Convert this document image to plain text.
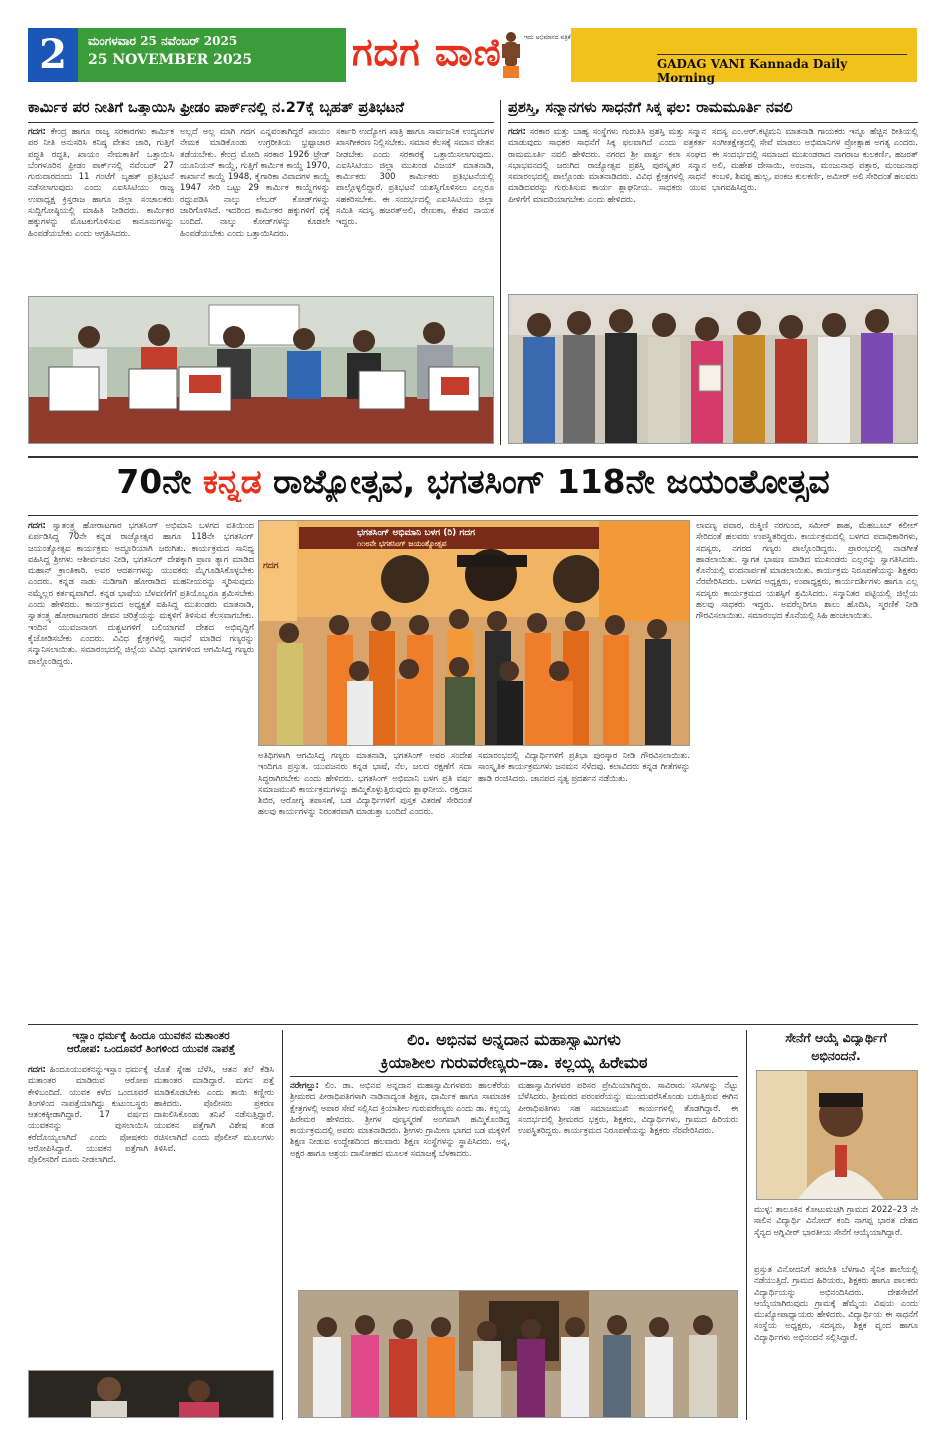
2	ಮಂಗಳವಾರ 25 ನವೆಂಬರ್ 2025
25 NOVEMBER 2025	ಗದಗ ವಾಣಿ	ಇದು ಅಭಿಮಾನದ ಪತ್ರಿಕೆ
GADAG VANI Kannada Daily Morning
ಕಾರ್ಮಿಕ ಪರ ನೀತಿಗೆ ಒತ್ತಾಯಿಸಿ ಫ್ರೀಡಂ ಪಾರ್ಕ್‌ನಲ್ಲಿ ನ.27ಕ್ಕೆ ಬೃಹತ್ ಪ್ರತಿಭಟನೆ
ಗದಗ: ಕೇಂದ್ರ ಹಾಗೂ ರಾಜ್ಯ ಸರಕಾರಗಳು ಕಾರ್ಮಿಕ ಪರ ನೀತಿ ಅನುಸರಿಸಿ ಕನಿಷ್ಠ ವೇತನ ಜಾರಿ, ಗುತ್ತಿಗೆ ಪದ್ಧತಿ ರದ್ದತಿ, ಖಾಯಂ ನೇಮಕಾತಿಗೆ ಒತ್ತಾಯಿಸಿ ಬೆಂಗಳೂರಿನ ಫ್ರೀಡಂ ಪಾರ್ಕ್‌ನಲ್ಲಿ ನವೆಂಬರ್ 27 ಗುರುವಾರದಂದು 11 ಗಂಟೆಗೆ ಬೃಹತ್ ಪ್ರತಿಭಟನೆ ನಡೆಸಲಾಗುವುದು ಎಂದು ಎಐಸಿಸಿಟಿಯು ರಾಜ್ಯ ಉಪಾಧ್ಯಕ್ಷ ಕ್ರಿಸ್ತರಾಜ ಹಾಗೂ ಜಿಲ್ಲಾ ಸಂಚಾಲಕರು ಸುದ್ದಿಗೋಷ್ಠಿಯಲ್ಲಿ ಮಾಹಿತಿ ನೀಡಿದರು. ಕಾರ್ಮಿಕರ ಹಕ್ಕುಗಳನ್ನು ಮೊಟಕುಗೊಳಿಸುವ ಕಾನೂನುಗಳನ್ನು ಹಿಂಪಡೆಯಬೇಕು ಎಂದು ಆಗ್ರಹಿಸಿದರು.
ಅಲ್ಲದೆ ಅಲ್ಲ ಮಾಗಿ ಗದಗ ಎನ್ನವಂತಾಗಿದ್ದರೆ ಖಾಯಂ ನೇಮಕ ಮಾಡಿಕೊಂಡು ಉಗ್ರರೀತಿಯ ಭ್ರಷ್ಟಾಚಾರ ತಡೆಯಬೇಕು. ಕೇಂದ್ರ ಮೋದಿ ಸರಕಾರ 1926 ಟ್ರೇಡ್ ಯೂನಿಯನ್ ಕಾಯ್ದೆ, ಗುತ್ತಿಗೆ ಕಾರ್ಮಿಕ ಕಾಯ್ದೆ 1970, ಕಾರ್ಖಾನೆ ಕಾಯ್ದೆ 1948, ಕೈಗಾರಿಕಾ ವಿವಾದಗಳ ಕಾಯ್ದೆ 1947 ಸೇರಿ ಒಟ್ಟು 29 ಕಾರ್ಮಿಕ ಕಾಯ್ದೆಗಳನ್ನು ರದ್ದುಪಡಿಸಿ ನಾಲ್ಕು ಲೇಬರ್ ಕೋಡ್‌ಗಳನ್ನು ಜಾರಿಗೊಳಿಸಿದೆ. ಇದರಿಂದ ಕಾರ್ಮಿಕರ ಹಕ್ಕುಗಳಿಗೆ ಧಕ್ಕೆ ಬಂದಿದೆ. ನಾಲ್ಕು ಕೋಡ್‌ಗಳನ್ನು ಕೂಡಲೇ ಹಿಂಪಡೆಯಬೇಕು ಎಂದು ಒತ್ತಾಯಿಸಿದರು.
ಸರ್ಕಾರಿ ಉದ್ಯೋಗ ಖಾತ್ರಿ ಹಾಗೂ ಸಾರ್ವಜನಿಕ ಉದ್ಯಮಗಳ ಖಾಸಗೀಕರಣ ನಿಲ್ಲಿಸಬೇಕು. ಸಮಾನ ಕೆಲಸಕ್ಕೆ ಸಮಾನ ವೇತನ ನೀಡಬೇಕು ಎಂದು ಸರಕಾರಕ್ಕೆ ಒತ್ತಾಯಿಸಲಾಗುವುದು. ಎಐಸಿಸಿಟಿಯು ಜಿಲ್ಲಾ ಮುಖಂಡ ವಿಜಯ್ ಮಾತನಾಡಿ, ಕಾರ್ಮಿಕರು 300 ಕಾರ್ಮಿಕರು ಪ್ರತಿಭಟನೆಯಲ್ಲಿ ಪಾಲ್ಗೊಳ್ಳಲಿದ್ದಾರೆ. ಪ್ರತಿಭಟನೆ ಯಶಸ್ವಿಗೊಳಿಸಲು ಎಲ್ಲರೂ ಸಹಕರಿಸಬೇಕು. ಈ ಸಂದರ್ಭದಲ್ಲಿ ಎಐಸಿಸಿಟಿಯು ಜಿಲ್ಲಾ ಸಮಿತಿ ಸದಸ್ಯ ಹಜರತ್‌ಅಲಿ, ರೇಣುಕಾ, ಕೇಶವ ನಾಯಕ ಇದ್ದರು.
ಪ್ರಶಸ್ತಿ, ಸನ್ಮಾನಗಳು ಸಾಧನೆಗೆ ಸಿಕ್ಕ ಫಲ: ರಾಮಮೂರ್ತಿ ನವಲಿ
ಗದಗ: ಸರಕಾರ ಮತ್ತು ಬಾಹ್ಯ ಸಂಸ್ಥೆಗಳು ಗುರುತಿಸಿ ಪ್ರಶಸ್ತಿ ಮತ್ತು ಸನ್ಮಾನ ಮಾಡುವುದು ಸಾಧಕರ ಸಾಧನೆಗೆ ಸಿಕ್ಕ ಫಲವಾಗಿದೆ ಎಂದು ಪತ್ರಕರ್ತ ರಾಮಮೂರ್ತಿ ನವಲಿ ಹೇಳಿದರು. ನಗರದ ಶ್ರೀ ಪಾರ್ಶ್ವ ಕಲಾ ಸಂಘದ ಸಭಾಭವನದಲ್ಲಿ ಜರುಗಿದ ರಾಜ್ಯೋತ್ಸವ ಪ್ರಶಸ್ತಿ ಪುರಸ್ಕೃತರ ಸನ್ಮಾನ ಸಮಾರಂಭದಲ್ಲಿ ಪಾಲ್ಗೊಂಡು ಮಾತನಾಡಿದರು. ವಿವಿಧ ಕ್ಷೇತ್ರಗಳಲ್ಲಿ ಸಾಧನೆ ಮಾಡಿದವರನ್ನು ಗುರುತಿಸುವ ಕಾರ್ಯ ಶ್ಲಾಘನೀಯ. ಸಾಧಕರು ಯುವ ಪೀಳಿಗೆಗೆ ಮಾದರಿಯಾಗಬೇಕು ಎಂದು ಹೇಳಿದರು.
ಸದಸ್ಯ ಎಂ.ಆರ್.ಕಟ್ಟಿಮನಿ ಮಾತನಾಡಿ ಗಾಯಕರು ಇನ್ನೂ ಹೆಚ್ಚಿನ ರೀತಿಯಲ್ಲಿ ಸಂಗೀತಕ್ಷೇತ್ರದಲ್ಲಿ ಸೇವೆ ಮಾಡಲು ಅಭಿಮಾನಿಗಳ ಪ್ರೋತ್ಸಾಹ ಅಗತ್ಯ ಎಂದರು. ಈ ಸಂದರ್ಭದಲ್ಲಿ ಸಮಾಜದ ಮುಖಂಡರಾದ ನಾಗರಾಜ ಕುಲಕರ್ಣಿ, ಹಜರತ್ ಅಲಿ, ಮಹೇಶ ದೇಸಾಯಿ, ಅಂಜನಾ, ಮಂಜುನಾಥ ಪತ್ತಾರ, ಮಂಜುನಾಥ ಕಂಬಳಿ, ಶಿವಪ್ಪ ಹುಲ್ಲ, ಪಂಕಜ ಕುಲಕರ್ಣಿ, ಅಮೀರ್ ಅಲಿ ಸೇರಿದಂತೆ ಹಲವರು ಭಾಗವಹಿಸಿದ್ದರು.
70ನೇ ಕನ್ನಡ ರಾಜ್ಯೋತ್ಸವ, ಭಗತಸಿಂಗ್ 118ನೇ ಜಯಂತೋತ್ಸವ
ಗದಗ: ಸ್ವಾತಂತ್ರ್ಯ ಹೋರಾಟಗಾರ ಭಗತಸಿಂಗ್ ಅಭಿಮಾನಿ ಬಳಗದ ವತಿಯಿಂದ ಏರ್ಪಡಿಸಿದ್ದ 70ನೇ ಕನ್ನಡ ರಾಜ್ಯೋತ್ಸವ ಹಾಗೂ 118ನೇ ಭಗತಸಿಂಗ್ ಜಯಂತ್ಯೋತ್ಸವ ಕಾರ್ಯಕ್ರಮ ಅದ್ಧೂರಿಯಾಗಿ ಜರುಗಿತು. ಕಾರ್ಯಕ್ರಮದ ಸಾನಿಧ್ಯ ವಹಿಸಿದ್ದ ಶ್ರೀಗಳು ಆಶೀರ್ವಚನ ನೀಡಿ, ಭಗತಸಿಂಗ್ ದೇಶಕ್ಕಾಗಿ ಪ್ರಾಣ ತ್ಯಾಗ ಮಾಡಿದ ಮಹಾನ್ ಕ್ರಾಂತಿಕಾರಿ. ಅವರ ಆದರ್ಶಗಳನ್ನು ಯುವಕರು ಮೈಗೂಡಿಸಿಕೊಳ್ಳಬೇಕು ಎಂದರು. ಕನ್ನಡ ನಾಡು ನುಡಿಗಾಗಿ ಹೋರಾಡಿದ ಮಹನೀಯರನ್ನು ಸ್ಮರಿಸುವುದು ನಮ್ಮೆಲ್ಲರ ಕರ್ತವ್ಯವಾಗಿದೆ. ಕನ್ನಡ ಭಾಷೆಯ ಬೆಳವಣಿಗೆಗೆ ಪ್ರತಿಯೊಬ್ಬರೂ ಶ್ರಮಿಸಬೇಕು ಎಂದು ಹೇಳಿದರು. ಕಾರ್ಯಕ್ರಮದ ಅಧ್ಯಕ್ಷತೆ ವಹಿಸಿದ್ದ ಮುಖಂಡರು ಮಾತನಾಡಿ, ಸ್ವಾತಂತ್ರ್ಯ ಹೋರಾಟಗಾರರ ಜೀವನ ಚರಿತ್ರೆಯನ್ನು ಮಕ್ಕಳಿಗೆ ತಿಳಿಸುವ ಕೆಲಸವಾಗಬೇಕು. ಇಂದಿನ ಯುವಜನಾಂಗ ದುಶ್ಚಟಗಳಿಗೆ ಬಲಿಯಾಗದೆ ದೇಶದ ಅಭಿವೃದ್ಧಿಗೆ ಕೈಜೋಡಿಸಬೇಕು ಎಂದರು. ವಿವಿಧ ಕ್ಷೇತ್ರಗಳಲ್ಲಿ ಸಾಧನೆ ಮಾಡಿದ ಗಣ್ಯರನ್ನು ಸನ್ಮಾನಿಸಲಾಯಿತು. ಸಮಾರಂಭದಲ್ಲಿ ಜಿಲ್ಲೆಯ ವಿವಿಧ ಭಾಗಗಳಿಂದ ಆಗಮಿಸಿದ್ದ ಗಣ್ಯರು ಪಾಲ್ಗೊಂಡಿದ್ದರು.
ಭಗತಸಿಂಗ್ ಅಭಿಮಾನಿ ಬಳಗ (ರಿ) ಗದಗ
೧೧೮ನೇ ಭಗತಸಿಂಗ್ ಜಯಂತ್ಯೋತ್ಸವ
ಗದಗ
ಅತಿಥಿಗಳಾಗಿ ಆಗಮಿಸಿದ್ದ ಗಣ್ಯರು ಮಾತನಾಡಿ, ಭಗತಸಿಂಗ್ ಅವರ ಸಂದೇಶ ಇಂದಿಗೂ ಪ್ರಸ್ತುತ. ಯುವಜನರು ಕನ್ನಡ ಭಾಷೆ, ನೆಲ, ಜಲದ ರಕ್ಷಣೆಗೆ ಸದಾ ಸಿದ್ಧರಾಗಿರಬೇಕು ಎಂದು ಹೇಳಿದರು. ಭಗತಸಿಂಗ್ ಅಭಿಮಾನಿ ಬಳಗ ಪ್ರತಿ ವರ್ಷ ಸಮಾಜಮುಖಿ ಕಾರ್ಯಕ್ರಮಗಳನ್ನು ಹಮ್ಮಿಕೊಳ್ಳುತ್ತಿರುವುದು ಶ್ಲಾಘನೀಯ. ರಕ್ತದಾನ ಶಿಬಿರ, ಆರೋಗ್ಯ ತಪಾಸಣೆ, ಬಡ ವಿದ್ಯಾರ್ಥಿಗಳಿಗೆ ಪುಸ್ತಕ ವಿತರಣೆ ಸೇರಿದಂತೆ ಹಲವು ಕಾರ್ಯಗಳನ್ನು ನಿರಂತರವಾಗಿ ಮಾಡುತ್ತಾ ಬಂದಿದೆ ಎಂದರು.
ಸಮಾರಂಭದಲ್ಲಿ ವಿದ್ಯಾರ್ಥಿಗಳಿಗೆ ಪ್ರತಿಭಾ ಪುರಸ್ಕಾರ ನೀಡಿ ಗೌರವಿಸಲಾಯಿತು. ಸಾಂಸ್ಕೃತಿಕ ಕಾರ್ಯಕ್ರಮಗಳು ಜನಮನ ಸೆಳೆದವು. ಕಲಾವಿದರು ಕನ್ನಡ ಗೀತೆಗಳನ್ನು ಹಾಡಿ ರಂಜಿಸಿದರು. ಜಾನಪದ ನೃತ್ಯ ಪ್ರದರ್ಶನ ನಡೆಯಿತು.
ಲಾವಣ್ಯ ಪವಾರ, ರುಕ್ಮಿಣಿ ನರಗುಂದ, ಸಮೀರ್ ಶಾಹ, ಮೆಹಬೂಬ್ ಕಲೀಲ್ ಸೇರಿದಂತೆ ಹಲವರು ಉಪಸ್ಥಿತರಿದ್ದರು. ಕಾರ್ಯಕ್ರಮದಲ್ಲಿ ಬಳಗದ ಪದಾಧಿಕಾರಿಗಳು, ಸದಸ್ಯರು, ನಗರದ ಗಣ್ಯರು ಪಾಲ್ಗೊಂಡಿದ್ದರು. ಪ್ರಾರಂಭದಲ್ಲಿ ನಾಡಗೀತೆ ಹಾಡಲಾಯಿತು. ಸ್ವಾಗತ ಭಾಷಣ ಮಾಡಿದ ಮುಖಂಡರು ಎಲ್ಲರನ್ನು ಸ್ವಾಗತಿಸಿದರು. ಕೊನೆಯಲ್ಲಿ ವಂದನಾರ್ಪಣೆ ಮಾಡಲಾಯಿತು. ಕಾರ್ಯಕ್ರಮ ನಿರೂಪಣೆಯನ್ನು ಶಿಕ್ಷಕರು ನೆರವೇರಿಸಿದರು. ಬಳಗದ ಅಧ್ಯಕ್ಷರು, ಉಪಾಧ್ಯಕ್ಷರು, ಕಾರ್ಯದರ್ಶಿಗಳು ಹಾಗೂ ಎಲ್ಲ ಸದಸ್ಯರು ಕಾರ್ಯಕ್ರಮದ ಯಶಸ್ಸಿಗೆ ಶ್ರಮಿಸಿದರು. ಸನ್ಮಾನಿತರ ಪಟ್ಟಿಯಲ್ಲಿ ಜಿಲ್ಲೆಯ ಹಲವು ಸಾಧಕರು ಇದ್ದರು. ಅವರೆಲ್ಲರಿಗೂ ಶಾಲು ಹೊದಿಸಿ, ಸ್ಮರಣಿಕೆ ನೀಡಿ ಗೌರವಿಸಲಾಯಿತು. ಸಮಾರಂಭದ ಕೊನೆಯಲ್ಲಿ ಸಿಹಿ ಹಂಚಲಾಯಿತು.
ಇಸ್ಲಾಂ ಧರ್ಮಕ್ಕೆ ಹಿಂದೂ ಯುವಕನ ಮತಾಂತರ
ಆರೋಪ: ಒಂದೂವರೆ ತಿಂಗಳಿಂದ ಯುವಕ ನಾಪತ್ತೆ
ಗದಗ: ಹಿಂದೂಯುವಕನನ್ನುಇಸ್ಲಾಂ ಧರ್ಮಕ್ಕೆ ಮತಾಂತರ ಮಾಡಿರುವ ಆರೋಪ ಕೇಳಿಬಂದಿದೆ. ಯುವಕ ಕಳೆದ ಒಂದೂವರೆ ತಿಂಗಳಿಂದ ನಾಪತ್ತೆಯಾಗಿದ್ದು ಕುಟುಂಬಸ್ಥರು ಆತಂಕಕ್ಕೀಡಾಗಿದ್ದಾರೆ. 17 ವರ್ಷದ ಯುವಕನನ್ನು ಪುಸಲಾಯಿಸಿ ಕರೆದೊಯ್ಯಲಾಗಿದೆ ಎಂದು ಪೋಷಕರು ಆರೋಪಿಸಿದ್ದಾರೆ. ಯುವಕನ ಪತ್ತೆಗಾಗಿ ಪೊಲೀಸರಿಗೆ ದೂರು ನೀಡಲಾಗಿದೆ.
ಜೊತೆ ಸ್ನೇಹ ಬೆಳೆಸಿ, ಆತನ ತಲೆ ಕೆಡಿಸಿ ಮತಾಂತರ ಮಾಡಿದ್ದಾರೆ. ಮಗನ ಪತ್ತೆ ಮಾಡಿಕೊಡಬೇಕು ಎಂದು ತಾಯಿ ಕಣ್ಣೀರು ಹಾಕಿದರು. ಪೊಲೀಸರು ಪ್ರಕರಣ ದಾಖಲಿಸಿಕೊಂಡು ತನಿಖೆ ನಡೆಸುತ್ತಿದ್ದಾರೆ. ಯುವಕನ ಪತ್ತೆಗಾಗಿ ವಿಶೇಷ ತಂಡ ರಚಿಸಲಾಗಿದೆ ಎಂದು ಪೊಲೀಸ್ ಮೂಲಗಳು ತಿಳಿಸಿವೆ.
ಲಿಂ. ಅಭಿನವ ಅನ್ನದಾನ ಮಹಾಸ್ವಾಮಿಗಳು
ಕ್ರಿಯಾಶೀಲ ಗುರುವರೇಣ್ಯರು–ಡಾ. ಕಲ್ಲಯ್ಯ ಹಿರೇಮಠ
ನರೇಗಲ್ಲು: ಲಿಂ. ಡಾ. ಅಭಿನವ ಅನ್ನದಾನ ಮಹಾಸ್ವಾಮಿಗಳವರು ಹಾಲಕೆರೆಯ ಶ್ರೀಮಠದ ಪೀಠಾಧಿಪತಿಗಳಾಗಿ ನಾಡಿನಾದ್ಯಂತ ಶಿಕ್ಷಣ, ಧಾರ್ಮಿಕ ಹಾಗೂ ಸಾಮಾಜಿಕ ಕ್ಷೇತ್ರಗಳಲ್ಲಿ ಅಪಾರ ಸೇವೆ ಸಲ್ಲಿಸಿದ ಕ್ರಿಯಾಶೀಲ ಗುರುವರೇಣ್ಯರು ಎಂದು ಡಾ. ಕಲ್ಲಯ್ಯ ಹಿರೇಮಠ ಹೇಳಿದರು. ಶ್ರೀಗಳ ಪುಣ್ಯಸ್ಮರಣೆ ಅಂಗವಾಗಿ ಹಮ್ಮಿಕೊಂಡಿದ್ದ ಕಾರ್ಯಕ್ರಮದಲ್ಲಿ ಅವರು ಮಾತನಾಡಿದರು. ಶ್ರೀಗಳು ಗ್ರಾಮೀಣ ಭಾಗದ ಬಡ ಮಕ್ಕಳಿಗೆ ಶಿಕ್ಷಣ ನೀಡುವ ಉದ್ದೇಶದಿಂದ ಹಲವಾರು ಶಿಕ್ಷಣ ಸಂಸ್ಥೆಗಳನ್ನು ಸ್ಥಾಪಿಸಿದರು. ಅನ್ನ, ಅಕ್ಷರ ಹಾಗೂ ಆಶ್ರಯ ದಾಸೋಹದ ಮೂಲಕ ಸಮಾಜಕ್ಕೆ ಬೆಳಕಾದರು.
ಮಹಾಸ್ವಾಮಿಗಳವರ ಪರಿಸರ ಪ್ರೇಮಿಯಾಗಿದ್ದರು. ಸಾವಿರಾರು ಸಸಿಗಳನ್ನು ನೆಟ್ಟು ಬೆಳೆಸಿದರು. ಶ್ರೀಮಠದ ಪರಂಪರೆಯನ್ನು ಮುಂದುವರೆಸಿಕೊಂಡು ಬರುತ್ತಿರುವ ಈಗಿನ ಪೀಠಾಧಿಪತಿಗಳು ಸಹ ಸಮಾಜಮುಖಿ ಕಾರ್ಯಗಳಲ್ಲಿ ತೊಡಗಿದ್ದಾರೆ. ಈ ಸಂದರ್ಭದಲ್ಲಿ ಶ್ರೀಮಠದ ಭಕ್ತರು, ಶಿಕ್ಷಕರು, ವಿದ್ಯಾರ್ಥಿಗಳು, ಗ್ರಾಮದ ಹಿರಿಯರು ಉಪಸ್ಥಿತರಿದ್ದರು. ಕಾರ್ಯಕ್ರಮದ ನಿರೂಪಣೆಯನ್ನು ಶಿಕ್ಷಕರು ನೆರವೇರಿಸಿದರು.
ಸೇನೆಗೆ ಆಯ್ಕೆ ವಿದ್ಯಾರ್ಥಿಗೆ
ಅಭಿನಂದನೆ.
ಮುಳ್ಳ: ತಾಲೂಕಿನ ಕೋಟುಮಚಗಿ ಗ್ರಾಮದ 2022–23 ನೇ ಸಾಲಿನ ವಿದ್ಯಾರ್ಥಿ ವಿನೋದ್ ಕಂದಿ ನಾಗಪ್ಪ ಭಾರತ ದೇಶದ ಸೈನ್ಯದ ಅಗ್ನಿವೀರ್ ಭಾರತೀಯ ಸೇನೆಗೆ ಆಯ್ಕೆಯಾಗಿದ್ದಾರೆ.
ಪ್ರಸ್ತುತ ವಿನೋದನಿಗೆ ತರಬೇತಿ ಬೆಳಗಾವಿ ಸೈನಿಕ ಶಾಲೆಯಲ್ಲಿ ನಡೆಯುತ್ತಿದೆ. ಗ್ರಾಮದ ಹಿರಿಯರು, ಶಿಕ್ಷಕರು ಹಾಗೂ ಪಾಲಕರು ವಿದ್ಯಾರ್ಥಿಯನ್ನು ಅಭಿನಂದಿಸಿದರು. ದೇಶಸೇವೆಗೆ ಆಯ್ಕೆಯಾಗಿರುವುದು ಗ್ರಾಮಕ್ಕೆ ಹೆಮ್ಮೆಯ ವಿಷಯ ಎಂದು ಮುಖ್ಯೋಪಾಧ್ಯಾಯರು ಹೇಳಿದರು. ವಿದ್ಯಾರ್ಥಿಯ ಈ ಸಾಧನೆಗೆ ಸಂಸ್ಥೆಯ ಅಧ್ಯಕ್ಷರು, ಸದಸ್ಯರು, ಶಿಕ್ಷಕ ವೃಂದ ಹಾಗೂ ವಿದ್ಯಾರ್ಥಿಗಳು ಅಭಿನಂದನೆ ಸಲ್ಲಿಸಿದ್ದಾರೆ.
